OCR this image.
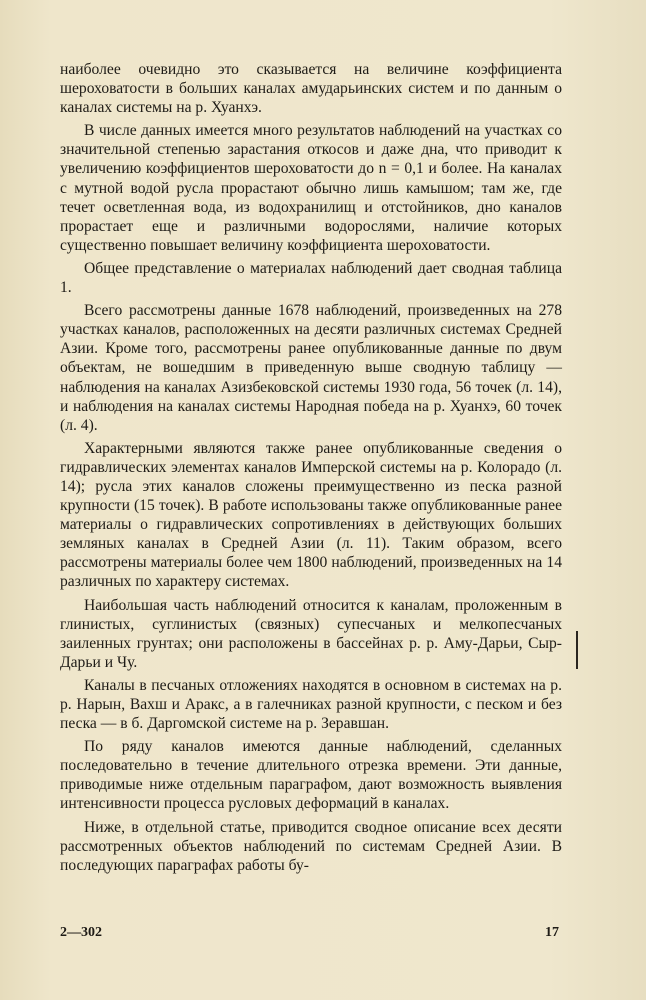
наиболее очевидно это сказывается на величине коэффициента шероховатости в больших каналах амударьинских систем и по данным о каналах системы на р. Хуанхэ.

В числе данных имеется много результатов наблюдений на участках со значительной степенью зарастания откосов и даже дна, что приводит к увеличению коэффициентов шероховатости до n = 0,1 и более. На каналах с мутной водой русла прорастают обычно лишь камышом; там же, где течет осветленная вода, из водохранилищ и отстойников, дно каналов прорастает еще и различными водорослями, наличие которых существенно повышает величину коэффициента шероховатости.

Общее представление о материалах наблюдений дает сводная таблица 1.

Всего рассмотрены данные 1678 наблюдений, произведенных на 278 участках каналов, расположенных на десяти различных системах Средней Азии. Кроме того, рассмотрены ранее опубликованные данные по двум объектам, не вошедшим в приведенную выше сводную таблицу — наблюдения на каналах Азизбековской системы 1930 года, 56 точек (л. 14), и наблюдения на каналах системы Народная победа на р. Хуанхэ, 60 точек (л. 4).

Характерными являются также ранее опубликованные сведения о гидравлических элементах каналов Имперской системы на р. Колорадо (л. 14); русла этих каналов сложены преимущественно из песка разной крупности (15 точек). В работе использованы также опубликованные ранее материалы о гидравлических сопротивлениях в действующих больших земляных каналах в Средней Азии (л. 11). Таким образом, всего рассмотрены материалы более чем 1800 наблюдений, произведенных на 14 различных по характеру системах.

Наибольшая часть наблюдений относится к каналам, проложенным в глинистых, суглинистых (связных) супесчаных и мелкопесчаных заиленных грунтах; они расположены в бассейнах р. р. Аму-Дарьи, Сыр-Дарьи и Чу.

Каналы в песчаных отложениях находятся в основном в системах на р. р. Нарын, Вахш и Аракс, а в галечниках разной крупности, с песком и без песка — в б. Даргомской системе на р. Зеравшан.

По ряду каналов имеются данные наблюдений, сделанных последовательно в течение длительного отрезка времени. Эти данные, приводимые ниже отдельным параграфом, дают возможность выявления интенсивности процесса русловых деформаций в каналах.

Ниже, в отдельной статье, приводится сводное описание всех десяти рассмотренных объектов наблюдений по системам Средней Азии. В последующих параграфах работы бу-

2—302	17
